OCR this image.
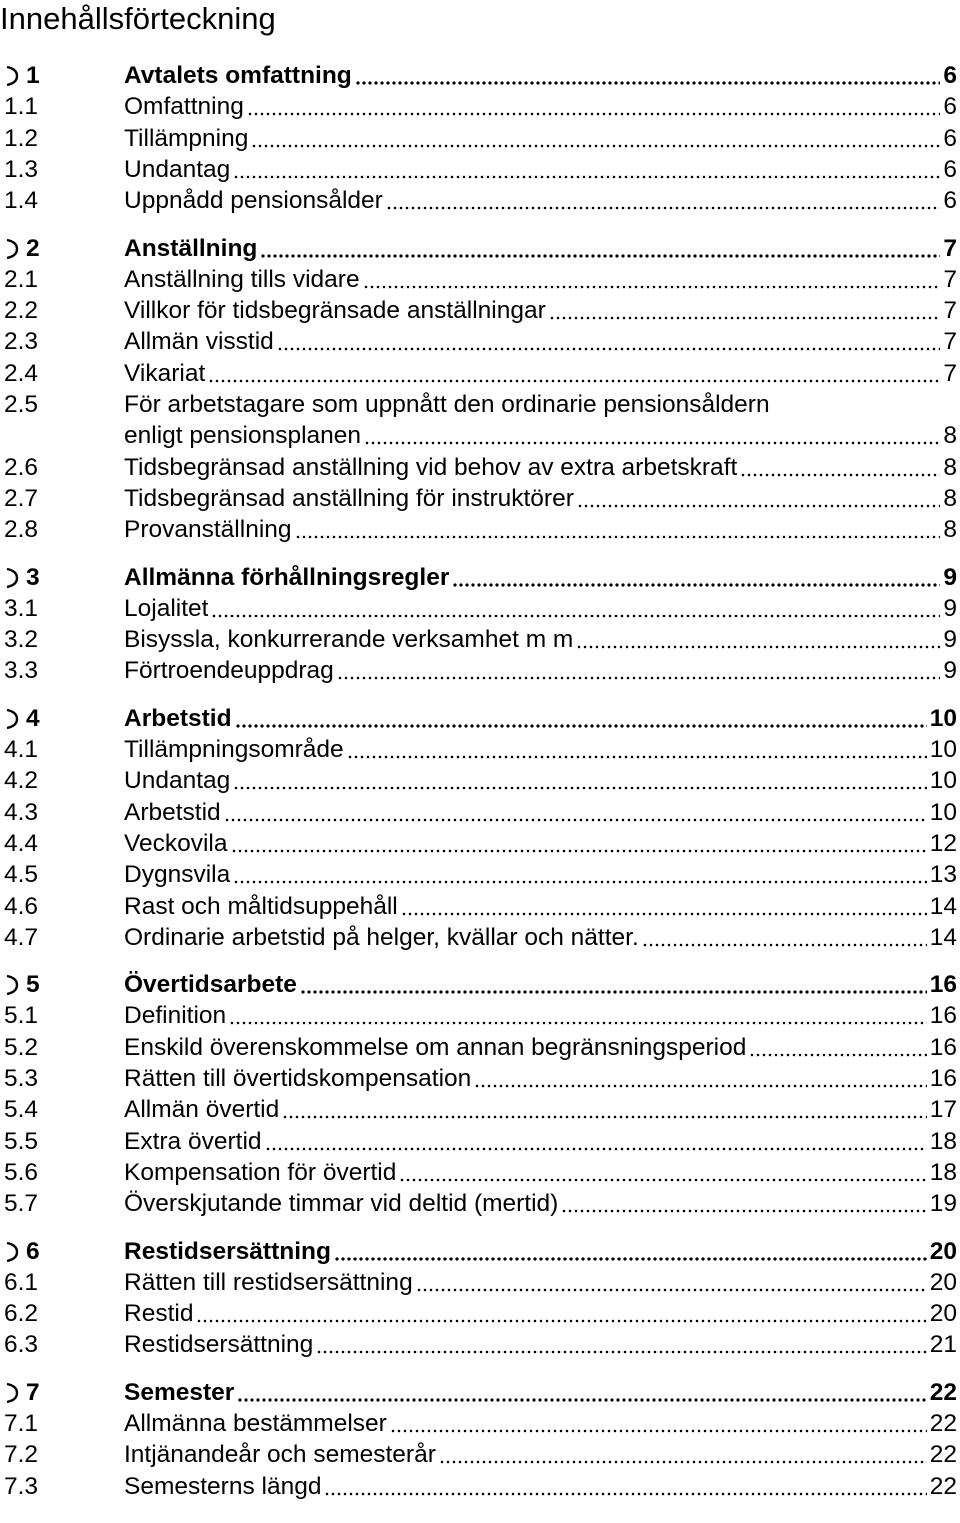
Innehållsförteckning
1	Avtalets omfattning	6
1.1	Omfattning	6
1.2	Tillämpning	6
1.3	Undantag	6
1.4	Uppnådd pensionsålder	6
2	Anställning	7
2.1	Anställning tills vidare	7
2.2	Villkor för tidsbegränsade anställningar	7
2.3	Allmän visstid	7
2.4	Vikariat	7
2.5	För arbetstagare som uppnått den ordinarie pensionsåldern
enligt pensionsplanen	8
2.6	Tidsbegränsad anställning vid behov av extra arbetskraft	8
2.7	Tidsbegränsad anställning för instruktörer	8
2.8	Provanställning	8
3	Allmänna förhållningsregler	9
3.1	Lojalitet	9
3.2	Bisyssla, konkurrerande verksamhet m m	9
3.3	Förtroendeuppdrag	9
4	Arbetstid	10
4.1	Tillämpningsområde	10
4.2	Undantag	10
4.3	Arbetstid	10
4.4	Veckovila	12
4.5	Dygnsvila	13
4.6	Rast och måltidsuppehåll	14
4.7	Ordinarie arbetstid på helger, kvällar och nätter.	14
5	Övertidsarbete	16
5.1	Definition	16
5.2	Enskild överenskommelse om annan begränsningsperiod	16
5.3	Rätten till övertidskompensation	16
5.4	Allmän övertid	17
5.5	Extra övertid	18
5.6	Kompensation för övertid	18
5.7	Överskjutande timmar vid deltid (mertid)	19
6	Restidsersättning	20
6.1	Rätten till restidsersättning	20
6.2	Restid	20
6.3	Restidsersättning	21
7	Semester	22
7.1	Allmänna bestämmelser	22
7.2	Intjänandeår och semesterår	22
7.3	Semesterns längd	22
